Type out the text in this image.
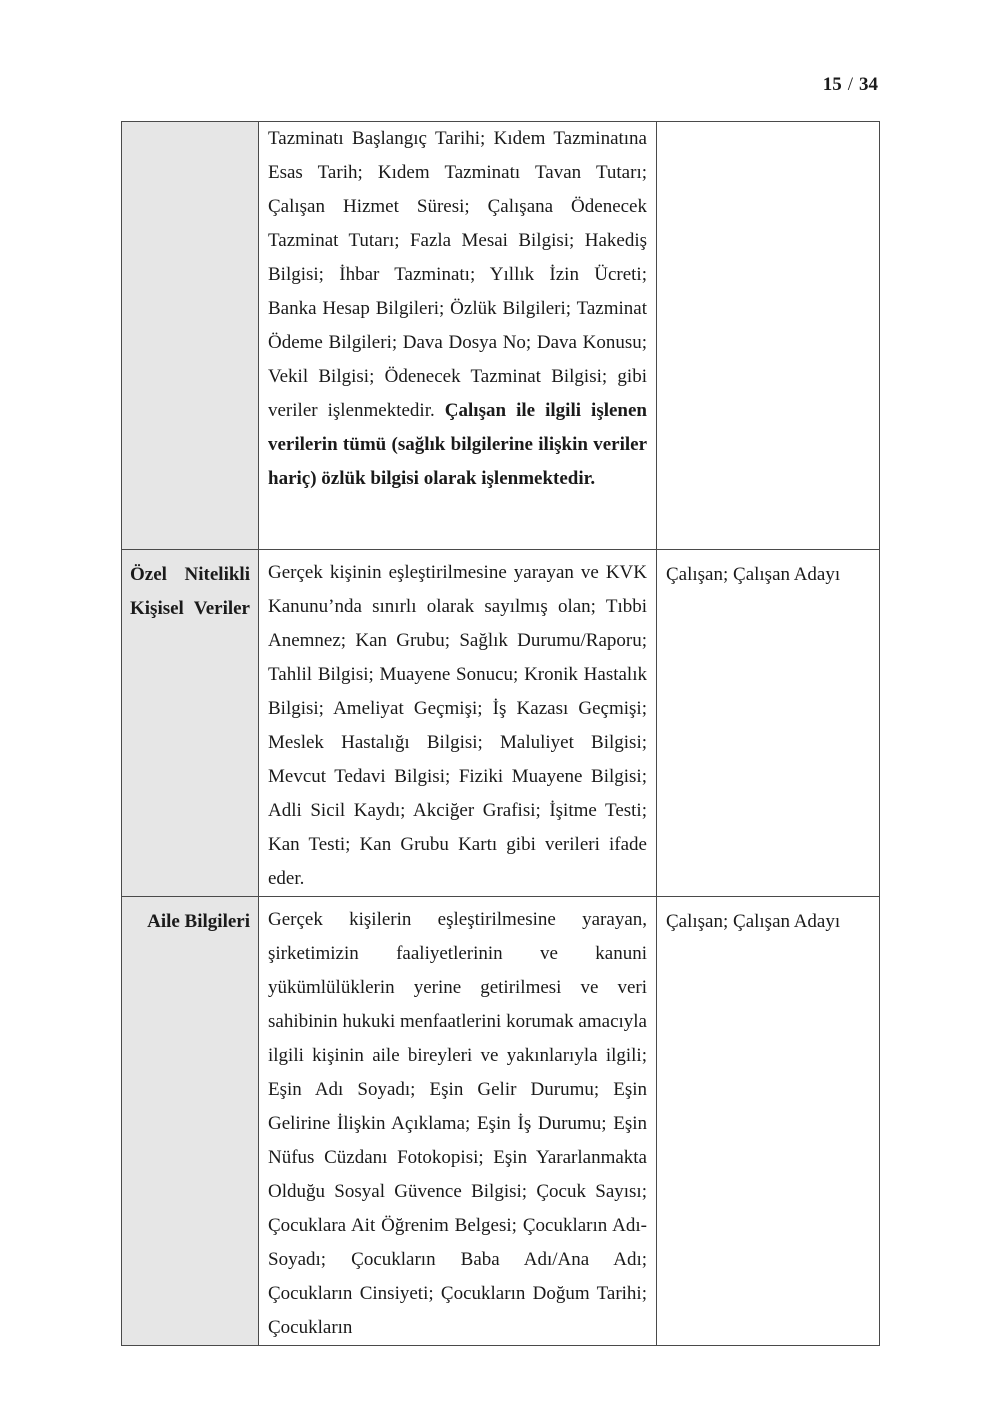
15 / 34
	Tazminatı Başlangıç Tarihi; Kıdem Tazminatına Esas Tarih; Kıdem Tazminatı Tavan Tutarı; Çalışan Hizmet Süresi; Çalışana Ödenecek Tazminat Tutarı; Fazla Mesai Bilgisi; Hakediş Bilgisi; İhbar Tazminatı; Yıllık İzin Ücreti; Banka Hesap Bilgileri; Özlük Bilgileri; Tazminat Ödeme Bilgileri; Dava Dosya No; Dava Konusu; Vekil Bilgisi; Ödenecek Tazminat Bilgisi; gibi veriler işlenmektedir. Çalışan ile ilgili işlenen verilerin tümü (sağlık bilgilerine ilişkin veriler hariç) özlük bilgisi olarak işlenmektedir.	

Özel Nitelikli
Kişisel Veriler	Gerçek kişinin eşleştirilmesine yarayan ve KVK Kanunu’nda sınırlı olarak sayılmış olan; Tıbbi Anemnez; Kan Grubu; Sağlık Durumu/Raporu; Tahlil Bilgisi; Muayene Sonucu; Kronik Hastalık Bilgisi; Ameliyat Geçmişi; İş Kazası Geçmişi; Meslek Hastalığı Bilgisi; Maluliyet Bilgisi; Mevcut Tedavi Bilgisi; Fiziki Muayene Bilgisi; Adli Sicil Kaydı; Akciğer Grafisi; İşitme Testi; Kan Testi; Kan Grubu Kartı gibi verileri ifade eder.	Çalışan; Çalışan Adayı
Aile Bilgileri	Gerçek kişilerin eşleştirilmesine yarayan, şirketimizin faaliyetlerinin ve kanuni yükümlülüklerin yerine getirilmesi ve veri sahibinin hukuki menfaatlerini korumak amacıyla ilgili kişinin aile bireyleri ve yakınlarıyla ilgili; Eşin Adı Soyadı; Eşin Gelir Durumu; Eşin Gelirine İlişkin Açıklama; Eşin İş Durumu; Eşin Nüfus Cüzdanı Fotokopisi; Eşin Yararlanmakta Olduğu Sosyal Güvence Bilgisi; Çocuk Sayısı; Çocuklara Ait Öğrenim Belgesi; Çocukların Adı-Soyadı; Çocukların Baba Adı/Ana Adı; Çocukların Cinsiyeti; Çocukların Doğum Tarihi; Çocukların	Çalışan; Çalışan Adayı
